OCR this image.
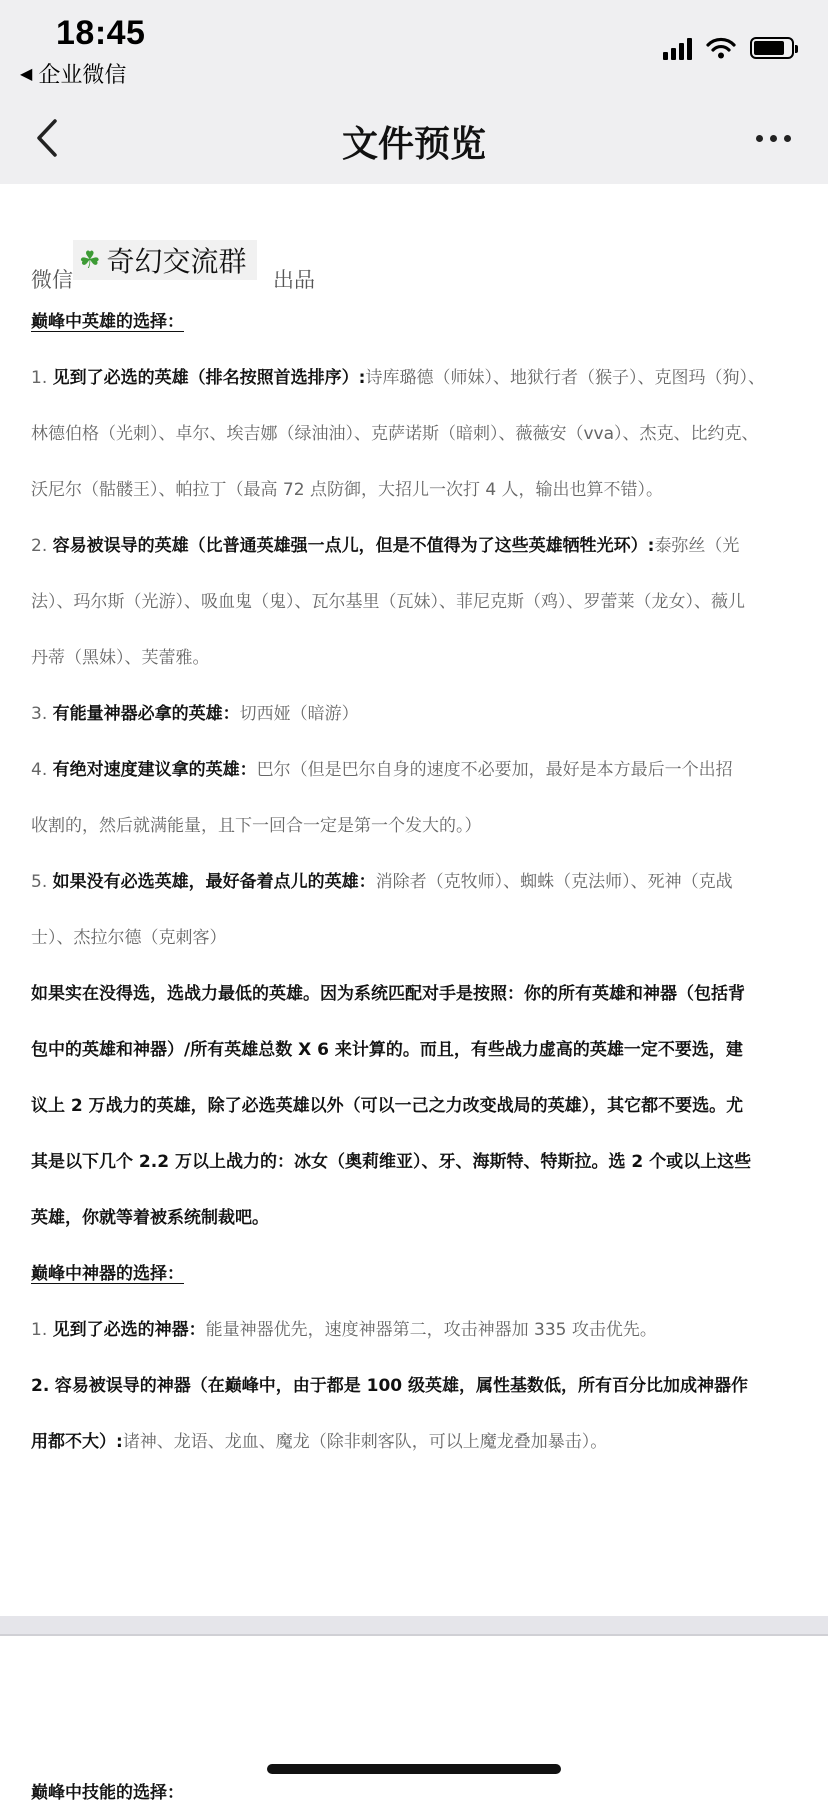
18:45
◀ 企业微信
文件预览
微信
☘ 奇幻交流群
出品
巅峰中英雄的选择：
1. 见到了必选的英雄（排名按照首选排序）:诗库璐德（师妹）、地狱行者（猴子）、克图玛（狗）、
林德伯格（光刺）、卓尔、埃吉娜（绿油油）、克萨诺斯（暗刺）、薇薇安（vva）、杰克、比约克、
沃尼尔（骷髅王）、帕拉丁（最高 72 点防御，大招儿一次打 4 人，输出也算不错）。
2. 容易被误导的英雄（比普通英雄强一点儿，但是不值得为了这些英雄牺牲光环）:泰弥丝（光
法）、玛尔斯（光游）、吸血鬼（鬼）、瓦尔基里（瓦妹）、菲尼克斯（鸡）、罗蕾莱（龙女）、薇儿
丹蒂（黑妹）、芙蕾雅。
3. 有能量神器必拿的英雄：切西娅（暗游）
4. 有绝对速度建议拿的英雄：巴尔（但是巴尔自身的速度不必要加，最好是本方最后一个出招
收割的，然后就满能量，且下一回合一定是第一个发大的。）
5. 如果没有必选英雄，最好备着点儿的英雄：消除者（克牧师）、蜘蛛（克法师）、死神（克战
士）、杰拉尔德（克刺客）
如果实在没得选，选战力最低的英雄。因为系统匹配对手是按照：你的所有英雄和神器（包括背
包中的英雄和神器）/所有英雄总数 X 6 来计算的。而且，有些战力虚高的英雄一定不要选，建
议上 2 万战力的英雄，除了必选英雄以外（可以一己之力改变战局的英雄），其它都不要选。尤
其是以下几个 2.2 万以上战力的：冰女（奥莉维亚）、牙、海斯特、特斯拉。选 2 个或以上这些
英雄，你就等着被系统制裁吧。
巅峰中神器的选择：
1. 见到了必选的神器：能量神器优先，速度神器第二，攻击神器加 335 攻击优先。
2. 容易被误导的神器（在巅峰中，由于都是 100 级英雄，属性基数低，所有百分比加成神器作
用都不大）:诸神、龙语、龙血、魔龙（除非刺客队，可以上魔龙叠加暴击）。
巅峰中技能的选择：
